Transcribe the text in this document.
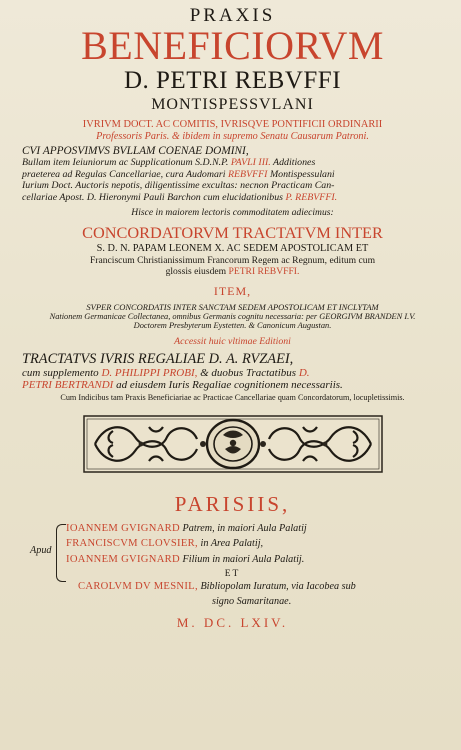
PRAXIS

BENEFICIORVM

D. PETRI REBVFFI

MONTISPESSVLANI

IVRIVM DOCT. AC COMITIS, IVRISQVE PONTIFICII ORDINARII

Professoris Paris. & ibidem in supremo Senatu Causarum Patroni.

CVI APPOSVIMVS BVLLAM COENAE DOMINI,

Bullam item Ieiuniorum ac Supplicationum S.D.N.P. PAVLI III. Additiones

praeterea ad Regulas Cancellariae, cura Audomari REBVFFI Montispessulani

Iurium Doct. Auctoris nepotis, diligentissime excultas: necnon Practicam Can-

cellariae Apost. D. Hieronymi Pauli Barchon cum elucidationibus P. REBVFFI.

Hisce in maiorem lectoris commoditatem adiecimus:

CONCORDATORVM TRACTATVM INTER

S. D. N. PAPAM LEONEM X. AC SEDEM APOSTOLICAM ET

Franciscum Christianissimum Francorum Regem ac Regnum, editum cum

glossis eiusdem PETRI REBVFFI.

ITEM,

SVPER CONCORDATIS INTER SANCTAM SEDEM APOSTOLICAM ET INCLYTAM

Nationem Germanicae Collectanea, omnibus Germanis cognitu necessaria: per GEORGIVM BRANDEN I.V.

Doctorem Presbyterum Eystetten. & Canonicum Augustan.

Accessit huic vltimae Editioni

TRACTATVS IVRIS REGALIAE D. A. RVZAEI,

cum supplemento D. PHILIPPI PROBI, & duobus Tractatibus D.

PETRI BERTRANDI ad eiusdem Iuris Regaliae cognitionem necessariis.

Cum Indicibus tam Praxis Beneficiariae ac Practicae Cancellariae quam Concordatorum, locupletissimis.

PARISIIS,

Apud
IOANNEM GVIGNARD Patrem, in maiori Aula Palatij
FRANCISCVM CLOVSIER, in Area Palatij,
IOANNEM GVIGNARD Filium in maiori Aula Palatij.
ET
CAROLVM DV MESNIL, Bibliopolam Iuratum, via Iacobea sub
signo Samaritanae.

M. DC. LXIV.
